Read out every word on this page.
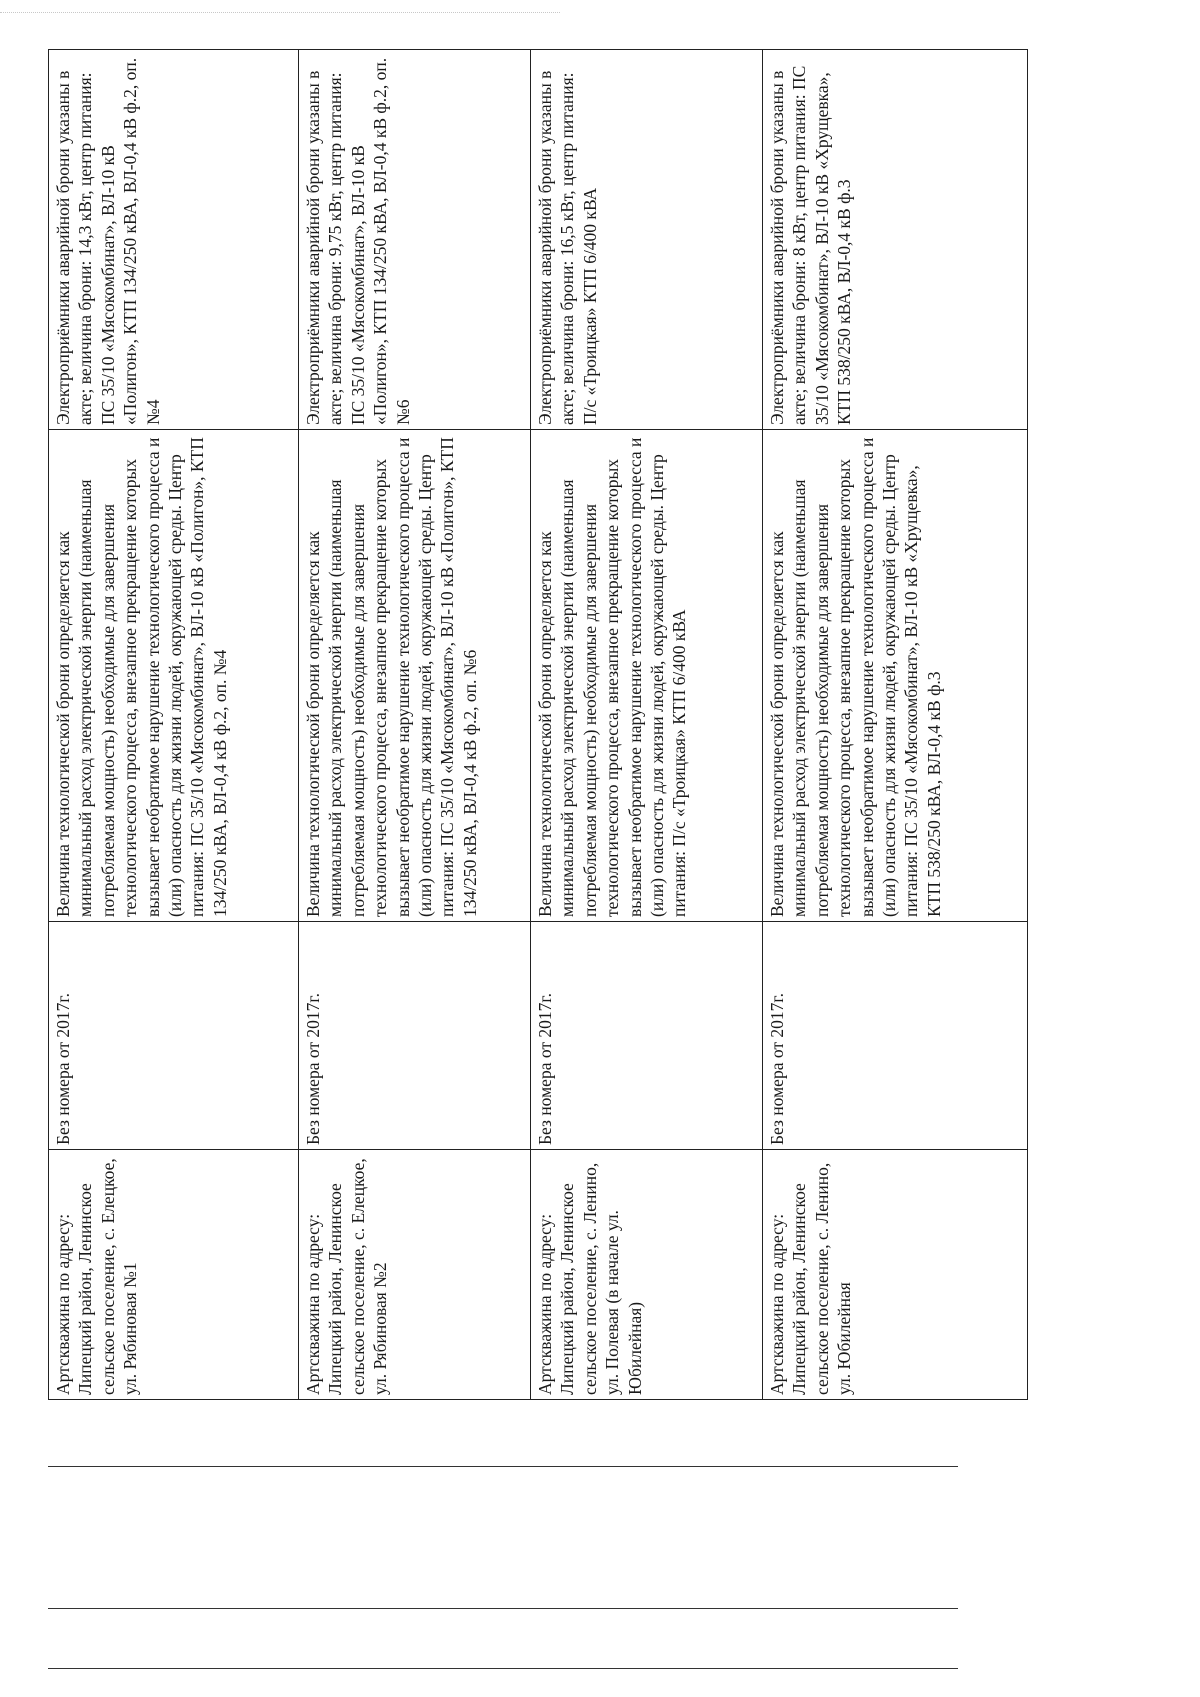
Артскважина по адресу: Липецкий район, Ленинское сельское поселение, с. Елецкое, ул. Рябиновая №1	Без номера от 2017г.	Величина технологической брони определяется как минимальный расход электрической энергии (наименьшая потребляемая мощность) необходимые для завершения технологического процесса, внезапное прекращение которых вызывает необратимое нарушение технологического процесса и (или) опасность для жизни людей, окружающей среды. Центр питания: ПС 35/10 «Мясокомбинат», ВЛ-10 кВ «Полигон», КТП 134/250 кВА, ВЛ-0,4 кВ ф.2, оп. №4	Электроприёмники аварийной брони указаны в акте; величина брони: 14,3 кВт, центр питания: ПС 35/10 «Мясокомбинат», ВЛ-10 кВ «Полигон», КТП 134/250 кВА, ВЛ-0,4 кВ ф.2, оп. №4
Артскважина по адресу: Липецкий район, Ленинское сельское поселение, с. Елецкое, ул. Рябиновая №2	Без номера от 2017г.	Величина технологической брони определяется как минимальный расход электрической энергии (наименьшая потребляемая мощность) необходимые для завершения технологического процесса, внезапное прекращение которых вызывает необратимое нарушение технологического процесса и (или) опасность для жизни людей, окружающей среды. Центр питания: ПС 35/10 «Мясокомбинат», ВЛ-10 кВ «Полигон», КТП 134/250 кВА, ВЛ-0,4 кВ ф.2, оп. №6	Электроприёмники аварийной брони указаны в акте; величина брони: 9,75 кВт, центр питания: ПС 35/10 «Мясокомбинат», ВЛ-10 кВ «Полигон», КТП 134/250 кВА, ВЛ-0,4 кВ ф.2, оп. №6
Артскважина по адресу: Липецкий район, Ленинское сельское поселение, с. Ленино, ул. Полевая (в начале ул. Юбилейная)	Без номера от 2017г.	Величина технологической брони определяется как минимальный расход электрической энергии (наименьшая потребляемая мощность) необходимые для завершения технологического процесса, внезапное прекращение которых вызывает необратимое нарушение технологического процесса и (или) опасность для жизни людей, окружающей среды. Центр питания: П/с «Троицкая» КТП 6/400 кВА	Электроприёмники аварийной брони указаны в акте; величина брони: 16,5 кВт, центр питания: П/с «Троицкая» КТП 6/400 кВА
Артскважина по адресу: Липецкий район, Ленинское сельское поселение, с. Ленино, ул. Юбилейная	Без номера от 2017г.	Величина технологической брони определяется как минимальный расход электрической энергии (наименьшая потребляемая мощность) необходимые для завершения технологического процесса, внезапное прекращение которых вызывает необратимое нарушение технологического процесса и (или) опасность для жизни людей, окружающей среды. Центр питания: ПС 35/10 «Мясокомбинат», ВЛ-10 кВ «Хрущевка», КТП 538/250 кВА, ВЛ-0,4 кВ ф.3	Электроприёмники аварийной брони указаны в акте; величина брони: 8 кВт, центр питания: ПС 35/10 «Мясокомбинат», ВЛ-10 кВ «Хрущевка», КТП 538/250 кВА, ВЛ-0,4 кВ ф.3
